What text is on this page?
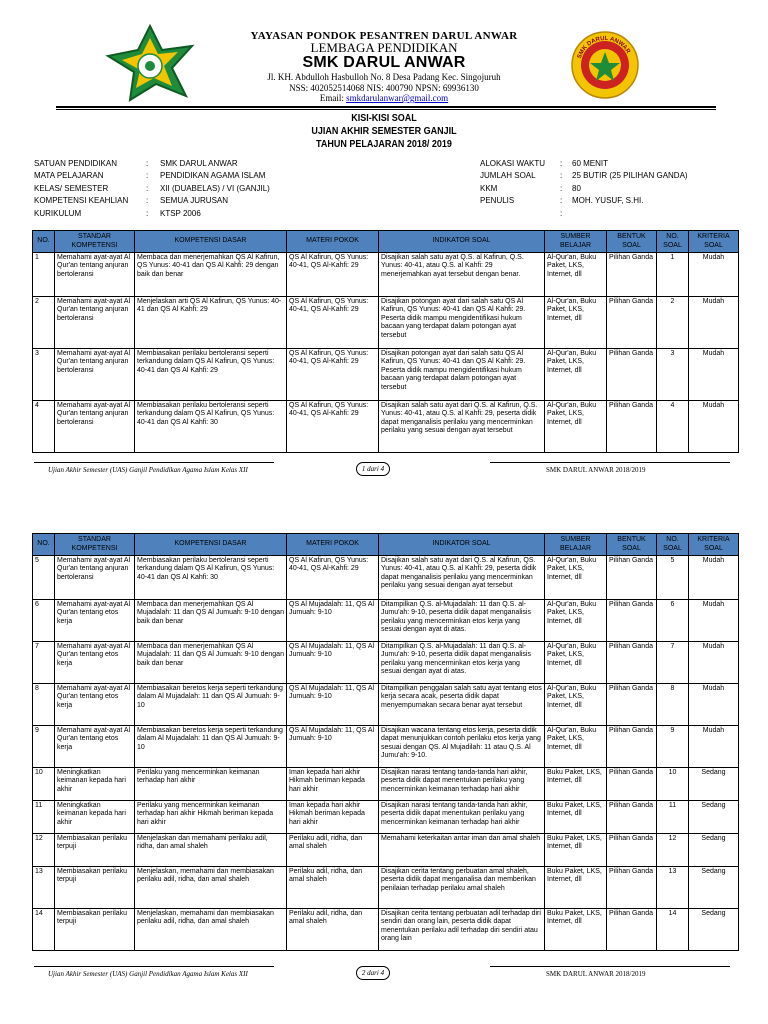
YAYASAN PONDOK PESANTREN DARUL ANWAR
LEMBAGA PENDIDIKAN
SMK DARUL ANWAR
Jl. KH. Abdulloh Hasbulloh No. 8 Desa Padang Kec. Singojuruh
NSS: 402052514068 NIS: 400790 NPSN: 69936130
Email: smkdarulanwar@gmail.com
SMK DARUL ANWAR
KISI-KISI SOAL
UJIAN AKHIR SEMESTER GANJIL
TAHUN PELAJARAN 2018/ 2019
SATUAN PENDIDIKAN	: SMK DARUL ANWAR
MATA PELAJARAN	: PENDIDIKAN AGAMA ISLAM
KELAS/ SEMESTER	: XII (DUABELAS) / VI (GANJIL)
KOMPETENSI KEAHLIAN : SEMUA JURUSAN
KURIKULUM	: KTSP 2006
ALOKASI WAKTU : 60 MENIT
JUMLAH SOAL	: 25 BUTIR (25 PILIHAN GANDA)
KKM	: 80
PENULIS	: MOH. YUSUF, S.HI.
:
NO.	STANDAR KOMPETENSI	KOMPETENSI DASAR	MATERI POKOK	INDIKATOR SOAL	SUMBER BELAJAR	BENTUK SOAL	NO. SOAL	KRITERIA SOAL
1	Memahami ayat-ayat Al Qur'an tentang anjuran bertoleransi	Membaca dan menerjemahkan QS Al Kafirun, QS Yunus: 40-41 dan QS Al Kahfi: 29 dengan baik dan benar	QS Al Kafirun, QS Yunus: 40-41, QS Al-Kahfi: 29	Disajikan salah satu ayat Q.S. al Kafirun, Q.S. Yunus: 40-41, atau Q.S. al Kahfi: 29 menerjemahkan ayat tersebut dengan benar.	Al-Qur'an, Buku Paket, LKS, Internet, dll	Pilihan Ganda	1	Mudah
2	Memahami ayat-ayat Al Qur'an tentang anjuran bertoleransi	Menjelaskan arti QS Al Kafirun, QS Yunus: 40-41 dan QS Al Kahfi: 29	QS Al Kafirun, QS Yunus: 40-41, QS Al-Kahfi: 29	Disajikan potongan ayat dari salah satu QS Al Kafirun, QS Yunus: 40-41 dan QS Al Kahfi: 29. Peserta didik mampu mengidentifikasi hukum bacaan yang terdapat dalam potongan ayat tersebut	Al-Qur'an, Buku Paket, LKS, Internet, dll	Pilihan Ganda	2	Mudah
3	Memahami ayat-ayat Al Qur'an tentang anjuran bertoleransi	Membiasakan perilaku bertoleransi seperti terkandung dalam QS Al Kafirun, QS Yunus: 40-41 dan QS Al Kahfi: 29	QS Al Kafirun, QS Yunus: 40-41, QS Al-Kahfi: 29	Disajikan potongan ayat dari salah satu QS Al Kafirun, QS Yunus: 40-41 dan QS Al Kahfi: 29. Peserta didik mampu mengidentifikasi hukum bacaan yang terdapat dalam potongan ayat tersebut	Al-Qur'an, Buku Paket, LKS, Internet, dll	Pilihan Ganda	3	Mudah
4	Memahami ayat-ayat Al Qur'an tentang anjuran bertoleransi	Membiasakan perilaku bertoleransi seperti terkandung dalam QS Al Kafirun, QS Yunus: 40-41 dan QS Al Kahfi: 30	QS Al Kafirun, QS Yunus: 40-41, QS Al-Kahfi: 29	Disajikan salah satu ayat dari Q.S. al Kafirun, Q.S. Yunus: 40-41, atau Q.S. al Kahfi: 29, peserta didik dapat menganalisis perilaku yang mencerminkan perilaku yang sesuai dengan ayat tersebut	Al-Qur'an, Buku Paket, LKS, Internet, dll	Pilihan Ganda	4	Mudah
Ujian Akhir Semester (UAS) Ganjil Pendidikan Agama Islam Kelas XII	1 dari 4	SMK DARUL ANWAR 2018/2019
NO.	STANDAR KOMPETENSI	KOMPETENSI DASAR	MATERI POKOK	INDIKATOR SOAL	SUMBER BELAJAR	BENTUK SOAL	NO. SOAL	KRITERIA SOAL
5	Memahami ayat-ayat Al Qur'an tentang anjuran bertoleransi	Membiasakan perilaku bertoleransi seperti terkandung dalam QS Al Kafirun, QS Yunus: 40-41 dan QS Al Kahfi: 30	QS Al Kafirun, QS Yunus: 40-41, QS Al-Kahfi: 29	Disajikan salah satu ayat dari Q.S. al Kafirun, QS. Yunus: 40-41, atau Q.S. al Kahfi: 29, peserta didik dapat menganalisis perilaku yang mencerminkan perilaku yang sesuai dengan ayat tersebut	Al-Qur'an, Buku Paket, LKS, Internet, dll	Pilihan Ganda	5	Mudah
6	Memahami ayat-ayat Al Qur'an tentang etos kerja	Membaca dan menerjemahkan QS Al Mujadalah: 11 dan QS Al Jumuah: 9-10 dengan baik dan benar	QS Al Mujadalah: 11, QS Al Jumuah: 9-10	Ditampilkan Q.S. al-Mujadalah: 11 dan Q.S. al-Jumu'ah: 9-10, peserta didik dapat menganalisis perilaku yang mencerminkan etos kerja yang sesuai dengan ayat di atas.	Al-Qur'an, Buku Paket, LKS, Internet, dll	Pilihan Ganda	6	Mudah
7	Memahami ayat-ayat Al Qur'an tentang etos kerja	Membaca dan menerjemahkan QS Al Mujadalah: 11 dan QS Al Jumuah: 9-10 dengan baik dan benar	QS Al Mujadalah: 11, QS Al Jumuah: 9-10	Ditampilkan Q.S. al-Mujadalah: 11 dan Q.S. al-Jumu'ah: 9-10, peserta didik dapat menganalisis perilaku yang mencerminkan etos kerja yang sesuai dengan ayat di atas.	Al-Qur'an, Buku Paket, LKS, Internet, dll	Pilihan Ganda	7	Mudah
8	Memahami ayat-ayat Al Qur'an tentang etos kerja	Membiasakan beretos kerja seperti terkandung dalam Al Mujadalah: 11 dan QS Al Jumuah: 9-10	QS Al Mujadalah: 11, QS Al Jumuah: 9-10	Ditampilkan penggalan salah satu ayat tentang etos kerja secara acak, peserta didik dapat menyempurnakan secara benar ayat tersebut	Al-Qur'an, Buku Paket, LKS, Internet, dll	Pilihan Ganda	8	Mudah
9	Memahami ayat-ayat Al Qur'an tentang etos kerja	Membiasakan beretos kerja seperti terkandung dalam Al Mujadalah: 11 dan QS Al Jumuah: 9-10	QS Al Mujadalah: 11, QS Al Jumuah: 9-10	Disajikan wacana tentang etos kerja, peserta didik dapat menunjukkan contoh perilaku etos kerja yang sesuai dengan QS. Al Mujadilah: 11 atau Q.S. Al Jumu'ah: 9-10.	Al-Qur'an, Buku Paket, LKS, Internet, dll	Pilihan Ganda	9	Mudah
10	Meningkatkan keimanan kepada hari akhir	Perilaku yang mencerminkan keimanan terhadap hari akhir	Iman kepada hari akhir Hikmah beriman kepada hari akhir	Disajikan narasi tentang tanda-tanda hari akhir, peserta didik dapat menentukan perilaku yang mencerminkan keimanan terhadap hari akhir	Buku Paket, LKS, Internet, dll	Pilihan Ganda	10	Sedang
11	Meningkatkan keimanan kepada hari akhir	Perilaku yang mencerminkan keimanan terhadap hari akhir Hikmah beriman kepada hari akhir	Iman kepada hari akhir Hikmah beriman kepada hari akhir	Disajikan narasi tentang tanda-tanda hari akhir, peserta didik dapat menentukan perilaku yang mencerminkan keimanan terhadap hari akhir	Buku Paket, LKS, Internet, dll	Pilihan Ganda	11	Sedang
12	Membiasakan perilaku terpuji	Menjelaskan dan memahami perilaku adil, ridha, dan amal shaleh	Perilaku adil, ridha, dan amal shaleh	Memahami keterkaitan antar iman dan amal shaleh	Buku Paket, LKS, Internet, dll	Pilihan Ganda	12	Sedang
13	Membiasakan perilaku terpuji	Menjelaskan, memahami dan membiasakan perilaku adil, ridha, dan amal shaleh	Perilaku adil, ridha, dan amal shaleh	Disajikan cerita tentang perbuatan amal shaleh, peserta didik dapat menganalisa dan memberikan penilaian terhadap perilaku amal shaleh	Buku Paket, LKS, Internet, dll	Pilihan Ganda	13	Sedang
14	Membiasakan perilaku terpuji	Menjelaskan, memahami dan membiasakan perilaku adil, ridha, dan amal shaleh	Perilaku adil, ridha, dan amal shaleh	Disajikan cerita tentang perbuatan adil terhadap diri sendiri dan orang lain, peserta didik dapat menentukan perilaku adil terhadap diri sendiri atau orang lain	Buku Paket, LKS, Internet, dll	Pilihan Ganda	14	Sedang
Ujian Akhir Semester (UAS) Ganjil Pendidikan Agama Islam Kelas XII	2 dari 4	SMK DARUL ANWAR 2018/2019
